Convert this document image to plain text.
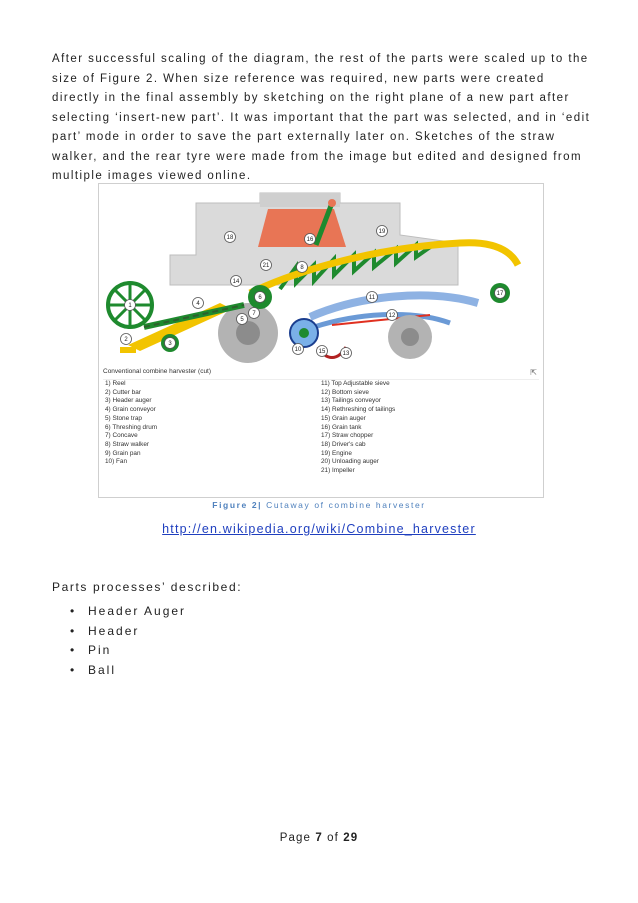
After successful scaling of the diagram, the rest of the parts were scaled up to the size of Figure 2. When size reference was required, new parts were created directly in the final assembly by sketching on the right plane of a new part after selecting ‘insert-new part’. It was important that the part was selected, and in ‘edit part’ mode in order to save the part externally later on. Sketches of the straw walker, and the rear tyre were made from the image but edited and designed from multiple images viewed online.

1
2
3
4
5
6
7
8
10
11
12
13
14
15
16
17
18
19
21
Conventional combine harvester (cut)	⇱
1) Reel
2) Cutter bar
3) Header auger
4) Grain conveyor
5) Stone trap
6) Threshing drum
7) Concave
8) Straw walker
9) Grain pan
10) Fan
11) Top Adjustable sieve
12) Bottom sieve
13) Tailings conveyor
14) Rethreshing of tailings
15) Grain auger
16) Grain tank
17) Straw chopper
18) Driver's cab
19) Engine
20) Unloading auger
21) Impeller
Figure 2| Cutaway of combine harvester
http://en.wikipedia.org/wiki/Combine_harvester

Parts processes’ described:

• Header Auger
• Header
• Pin
• Ball
Page 7 of 29
